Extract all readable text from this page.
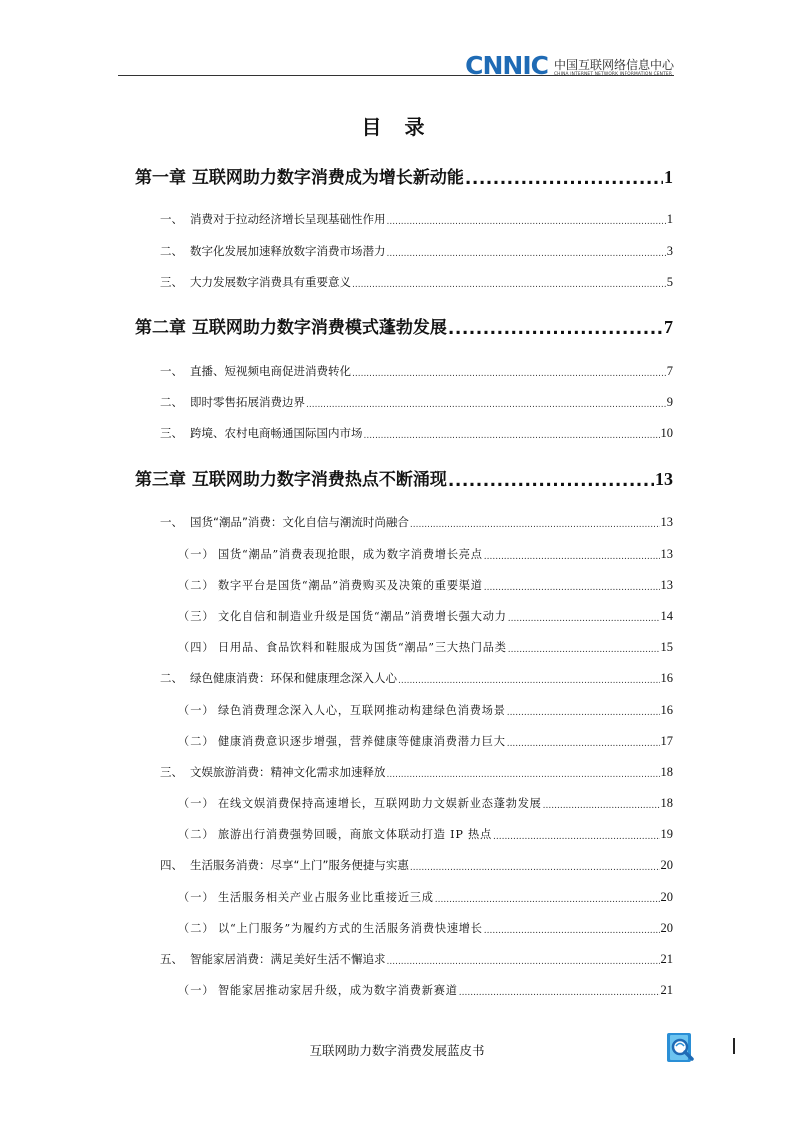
CNNIC 中国互联网络信息中心
CHINA INTERNET NETWORK INFORMATION CENTER
目 录
第一章 互联网助力数字消费成为增长新动能 .....	1
一、 消费对于拉动经济增长呈现基础性作用 .....	1
二、 数字化发展加速释放数字消费市场潜力 .....	3
三、 大力发展数字消费具有重要意义 .....	5
第二章 互联网助力数字消费模式蓬勃发展 .....	7
一、 直播、短视频电商促进消费转化 .....	7
二、 即时零售拓展消费边界 .....	9
三、 跨境、农村电商畅通国际国内市场 .....	10
第三章 互联网助力数字消费热点不断涌现 .....	13
一、 国货“潮品”消费：文化自信与潮流时尚融合 .....	13
（一） 国货“潮品”消费表现抢眼，成为数字消费增长亮点 .....	13
（二） 数字平台是国货“潮品”消费购买及决策的重要渠道 .....	13
（三） 文化自信和制造业升级是国货“潮品”消费增长强大动力 .....	14
（四） 日用品、食品饮料和鞋服成为国货“潮品”三大热门品类 .....	15
二、 绿色健康消费：环保和健康理念深入人心 .....	16
（一） 绿色消费理念深入人心，互联网推动构建绿色消费场景 .....	16
（二） 健康消费意识逐步增强，营养健康等健康消费潜力巨大 .....	17
三、 文娱旅游消费：精神文化需求加速释放 .....	18
（一） 在线文娱消费保持高速增长，互联网助力文娱新业态蓬勃发展 .....	18
（二） 旅游出行消费强势回暖，商旅文体联动打造 IP 热点 .....	19
四、 生活服务消费：尽享“上门”服务便捷与实惠 .....	20
（一） 生活服务相关产业占服务业比重接近三成 .....	20
（二） 以“上门服务”为履约方式的生活服务消费快速增长 .....	20
五、 智能家居消费：满足美好生活不懈追求 .....	21
（一） 智能家居推动家居升级，成为数字消费新赛道 .....	21
互联网助力数字消费发展蓝皮书
